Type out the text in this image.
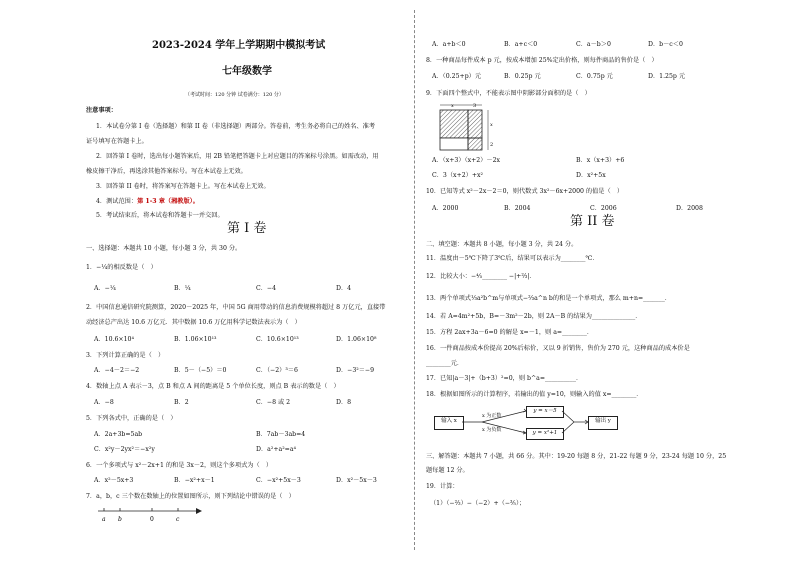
2023-2024 学年上学期期中模拟考试
七年级数学
（考试时间：120 分钟 试卷满分：120 分）
注意事项：
1．本试卷分第 I 卷（选择题）和第 II 卷（非选择题）两部分。答卷前，考生务必将自己的姓名、准考
证号填写在答题卡上。
2．回答第 I 卷时，选出每小题答案后，用 2B 铅笔把答题卡上对应题目的答案标号涂黑。如需改动，用
橡皮擦干净后，再选涂其他答案标号。写在本试卷上无效。
3．回答第 II 卷时，将答案写在答题卡上。写在本试卷上无效。
4．测试范围：第 1-3 章（湘教版）。
5．考试结束后，将本试卷和答题卡一并交回。
第 I 卷
一、选择题：本题共 10 小题，每小题 3 分，共 30 分。
1．−¼的相反数是（　）
A．−¼	B．¼	C．−4	D．4
2．中国信息通信研究院测算，2020－2025 年，中国 5G 商用带动的信息消费规模将超过 8 万亿元，直接带
动经济总产出达 10.6 万亿元．其中数据 10.6 万亿用科学记数法表示为（　）
A．10.6×10⁴	B．1.06×10¹³	C．10.6×10¹³	D．1.06×10⁸
3．下列计算正确的是（　）
A．−4－2＝−2	B．5－（−5）＝0	C．（−2）³＝6	D．−3²＝−9
4．数轴上点 A 表示－3，点 B 和点 A 间的距离是 5 个单位长度，则点 B 表示的数是（　）
A．−8	B．2	C．−8 或 2	D．8
5．下列各式中，正确的是（　）
A．2a+3b=5ab	B．7ab－3ab=4
C．x²y－2yx²＝−x²y	D．a²+a²=a⁴
6．一个多项式与 x²－2x+1 的和是 3x－2，则这个多项式为（　）
A．x²－5x+3	B．−x²+x－1	C．−x²+5x－3	D．x²－5x－3
7．a，b，c 三个数在数轴上的位置如图所示，则下列结论中错误的是（　）
a b	0	c
A．a+b＜0	B．a+c＜0	C．a－b＞0	D．b－c＜0
8．一种商品每件成本 p 元，按成本增加 25%定出价格，则每件商品的售价是（　）
A．（0.25+p）元	B．0.25p 元	C．0.75p 元	D．1.25p 元
9．下面四个整式中，不能表示图中阴影部分面积的是（　）
x	3
x
2
A．（x+3）（x+2）－2x	B．x（x+3）+6
C．3（x+2）+x²	D．x²+5x
10．已知等式 x²－2x－2＝0，则代数式 3x²－6x+2000 的值是（　）
A．2000	B．2004	C．2006	D．2008
第 II 卷
二、填空题：本题共 8 小题，每小题 3 分，共 24 分。
11．温度由－5℃下降了3℃后，结果可以表示为________℃．
12．比较大小：−⁴⁄₅________ −|+⅔|．
13．两个单项式⅓a²b^m与单项式−⅔a^n b的和是一个单项式，那么 m+n=_______．
14．若 A=4m²+5b，B=－3m²－2b，则 2A－B 的结果为______________．
15．方程 2ax+3a－6=0 的解是 x=－1，则 a=________．
16．一件商品按成本价提高 20%后标价，又以 9 折销售，售价为 270 元，这种商品的成本价是
________元．
17．已知|a－3|+（b+3）²=0，则 b^a=__________．
18．根据如图所示的计算程序，若输出的值 y=10，则输入的值 x=________．
输入 x
y = x－5
y = x²+1
输出 y
x 为正数
x 为负数
三、解答题：本题共 7 小题，共 66 分。其中：19-20 每题 8 分，21-22 每题 9 分，23-24 每题 10 分，25
题每题 12 分。
19．计算：
（1）（−⅔）−（−2）+（−⅗）；
